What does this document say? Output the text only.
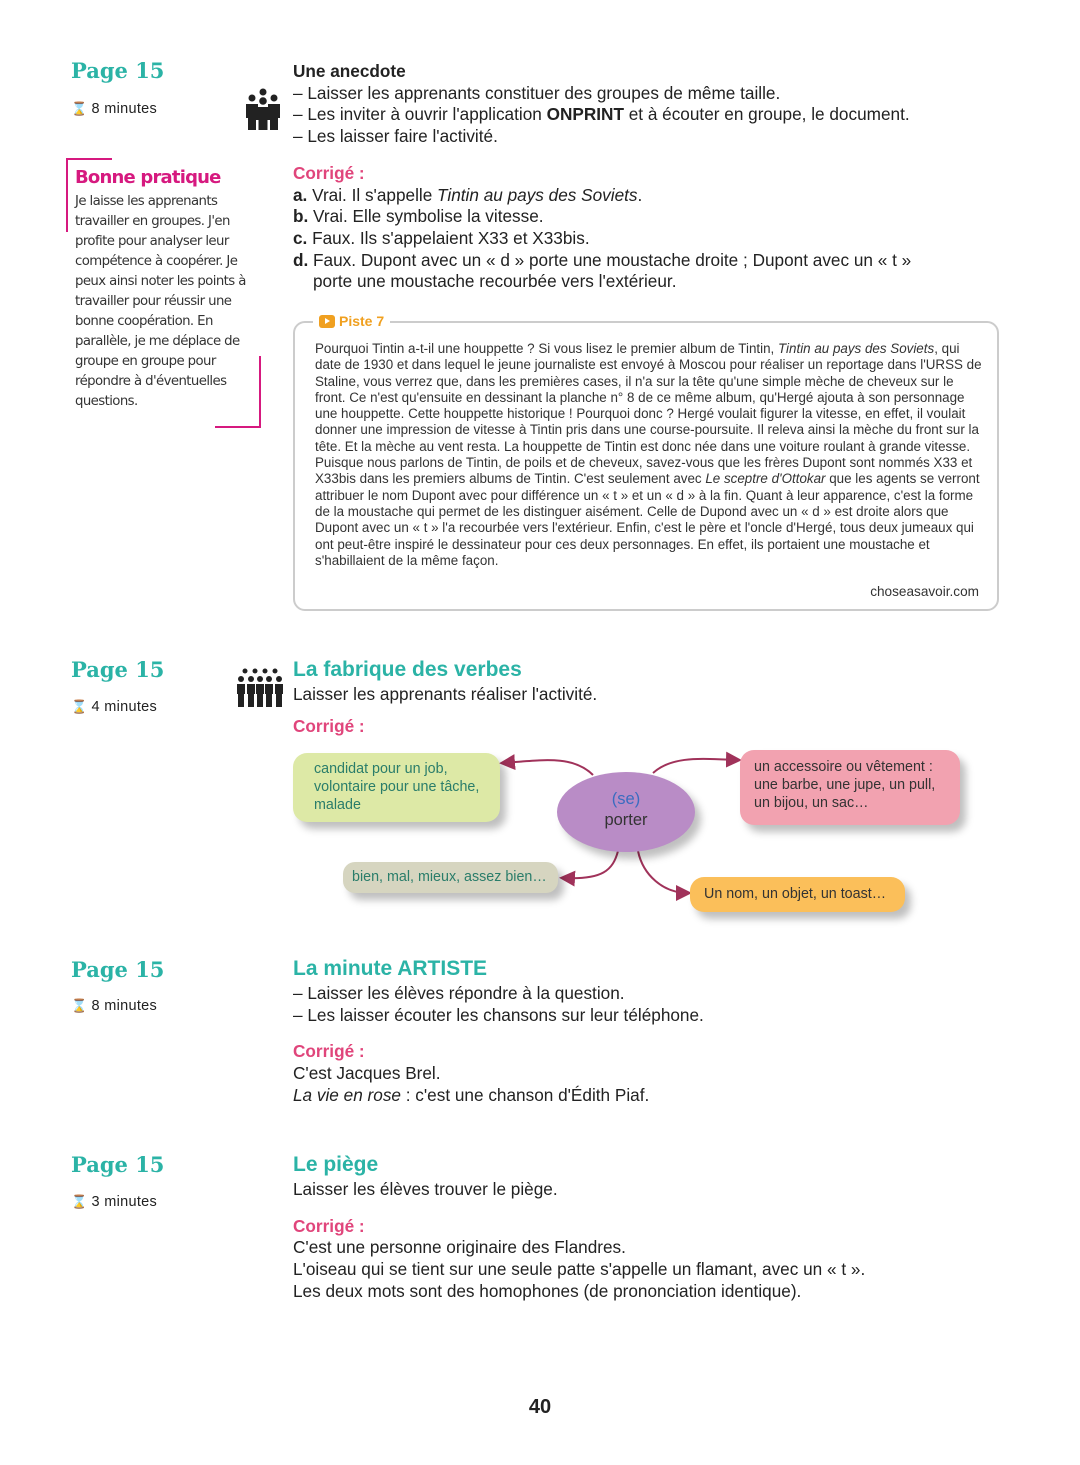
Page 15
⌛ 8 minutes
Bonne pratique
Je laisse les apprenants travailler en groupes. J'en profite pour analyser leur compétence à coopérer. Je peux ainsi noter les points à travailler pour réussir une bonne coopération. En parallèle, je me déplace de groupe en groupe pour répondre à d'éventuelles questions.
Une anecdote
– Laisser les apprenants constituer des groupes de même taille.
– Les inviter à ouvrir l'application ONPRINT et à écouter en groupe, le document.
– Les laisser faire l'activité.
Corrigé :
a. Vrai. Il s'appelle Tintin au pays des Soviets.
b. Vrai. Elle symbolise la vitesse.
c. Faux. Ils s'appelaient X33 et X33bis.
d. Faux. Dupont avec un « d » porte une moustache droite ; Dupont avec un « t »
porte une moustache recourbée vers l'extérieur.
Piste 7
Pourquoi Tintin a-t-il une houppette ? Si vous lisez le premier album de Tintin, Tintin au pays des Soviets, qui date de 1930 et dans lequel le jeune journaliste est envoyé à Moscou pour réaliser un reportage dans l'URSS de Staline, vous verrez que, dans les premières cases, il n'a sur la tête qu'une simple mèche de cheveux sur le front. Ce n'est qu'ensuite en dessinant la planche n° 8 de ce même album, qu'Hergé ajouta à son personnage une houppette. Cette houppette historique ! Pourquoi donc ? Hergé voulait figurer la vitesse, en effet, il voulait donner une impression de vitesse à Tintin pris dans une course-poursuite. Il releva ainsi la mèche du front sur la tête. Et la mèche au vent resta. La houppette de Tintin est donc née dans une voiture roulant à grande vitesse. Puisque nous parlons de Tintin, de poils et de cheveux, savez-vous que les frères Dupont sont nommés X33 et X33bis dans les premiers albums de Tintin. C'est seulement avec Le sceptre d'Ottokar que les agents se verront attribuer le nom Dupont avec pour différence un « t » et un « d » à la fin. Quant à leur apparence, c'est la forme de la moustache qui permet de les distinguer aisément. Celle de Dupond avec un « d » est droite alors que Dupont avec un « t » l'a recourbée vers l'extérieur. Enfin, c'est le père et l'oncle d'Hergé, tous deux jumeaux qui ont peut-être inspiré le dessinateur pour ces deux personnages. En effet, ils portaient une moustache et s'habillaient de la même façon.
choseasavoir.com
Page 15
⌛ 4 minutes
La fabrique des verbes
Laisser les apprenants réaliser l'activité.
Corrigé :
candidat pour un job, volontaire pour une tâche, malade
un accessoire ou vêtement : une barbe, une jupe, un pull, un bijou, un sac…
(se)
porter
bien, mal, mieux, assez bien…
Un nom, un objet, un toast…
Page 15
⌛ 8 minutes
La minute ARTISTE
– Laisser les élèves répondre à la question.
– Les laisser écouter les chansons sur leur téléphone.
Corrigé :
C'est Jacques Brel.
La vie en rose : c'est une chanson d'Édith Piaf.
Page 15
⌛ 3 minutes
Le piège
Laisser les élèves trouver le piège.
Corrigé :
C'est une personne originaire des Flandres.
L'oiseau qui se tient sur une seule patte s'appelle un flamant, avec un « t ».
Les deux mots sont des homophones (de prononciation identique).
40
